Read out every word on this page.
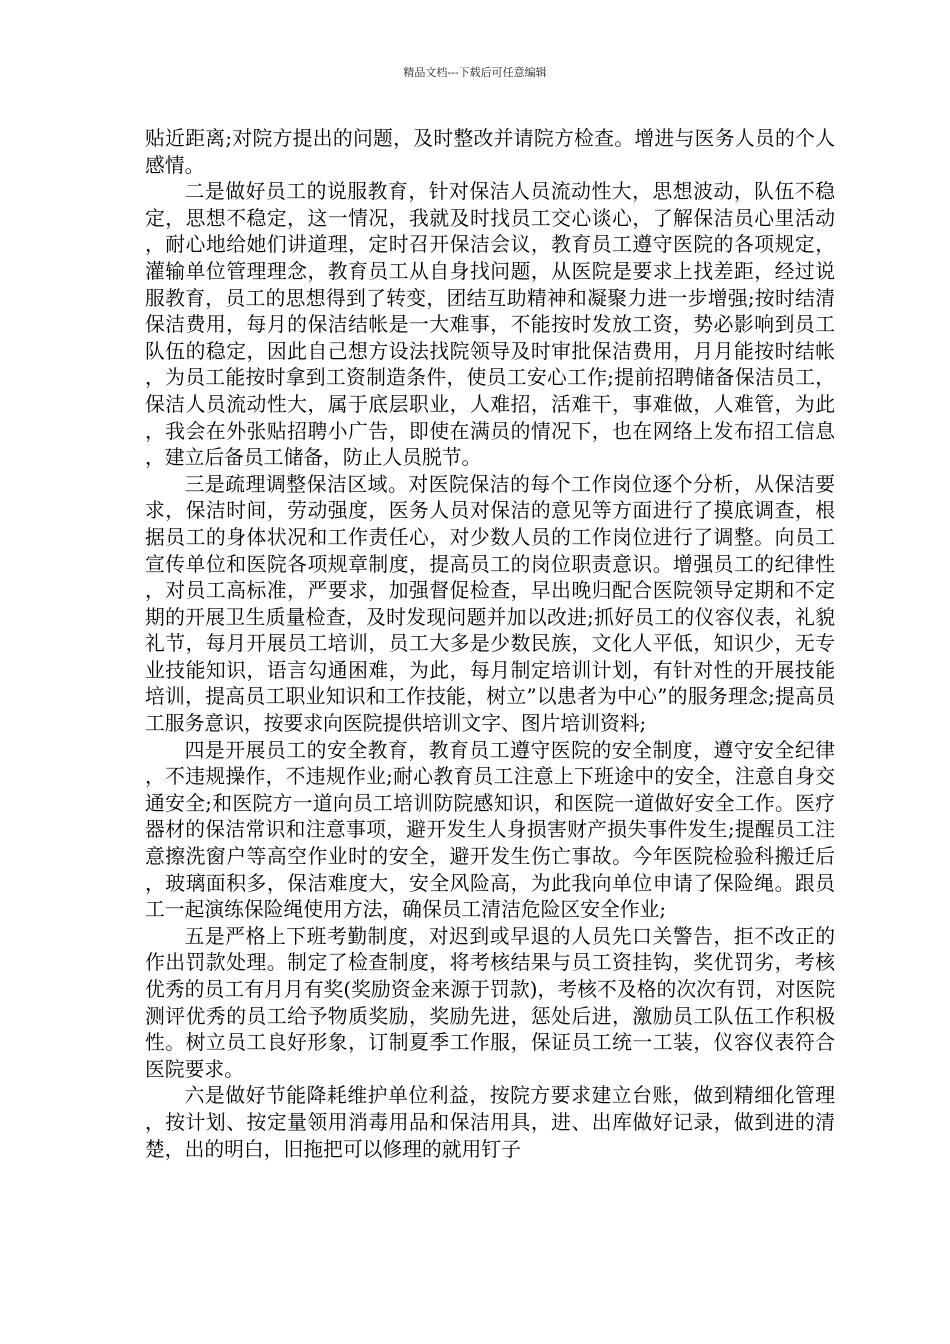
精品文档---下载后可任意编辑

贴近距离;对院方提出的问题，及时整改并请院方检查。增进与医务人员的个人感情。

二是做好员工的说服教育，针对保洁人员流动性大，思想波动，队伍不稳定，思想不稳定，这一情况，我就及时找员工交心谈心，了解保洁员心里活动，耐心地给她们讲道理，定时召开保洁会议，教育员工遵守医院的各项规定，灌输单位管理理念，教育员工从自身找问题，从医院是要求上找差距，经过说服教育，员工的思想得到了转变，团结互助精神和凝聚力进一步增强;按时结清保洁费用，每月的保洁结帐是一大难事，不能按时发放工资，势必影响到员工队伍的稳定，因此自己想方设法找院领导及时审批保洁费用，月月能按时结帐，为员工能按时拿到工资制造条件，使员工安心工作;提前招聘储备保洁员工，保洁人员流动性大，属于底层职业，人难招，活难干，事难做，人难管，为此，我会在外张贴招聘小广告，即使在满员的情况下，也在网络上发布招工信息，建立后备员工储备，防止人员脱节。

三是疏理调整保洁区域。对医院保洁的每个工作岗位逐个分析，从保洁要求，保洁时间，劳动强度，医务人员对保洁的意见等方面进行了摸底调查，根据员工的身体状况和工作责任心，对少数人员的工作岗位进行了调整。向员工宣传单位和医院各项规章制度，提高员工的岗位职责意识。增强员工的纪律性，对员工高标准，严要求，加强督促检查，早出晚归配合医院领导定期和不定期的开展卫生质量检查，及时发现问题并加以改进;抓好员工的仪容仪表，礼貌礼节，每月开展员工培训，员工大多是少数民族，文化人平低，知识少，无专业技能知识，语言勾通困难，为此，每月制定培训计划，有针对性的开展技能培训，提高员工职业知识和工作技能，树立”以患者为中心”的服务理念;提高员工服务意识，按要求向医院提供培训文字、图片培训资料;

四是开展员工的安全教育，教育员工遵守医院的安全制度，遵守安全纪律，不违规操作，不违规作业;耐心教育员工注意上下班途中的安全，注意自身交通安全;和医院方一道向员工培训防院感知识，和医院一道做好安全工作。医疗器材的保洁常识和注意事项，避开发生人身损害财产损失事件发生;提醒员工注意擦洗窗户等高空作业时的安全，避开发生伤亡事故。今年医院检验科搬迁后，玻璃面积多，保洁难度大，安全风险高，为此我向单位申请了保险绳。跟员工一起演练保险绳使用方法，确保员工清洁危险区安全作业;

五是严格上下班考勤制度，对迟到或早退的人员先口关警告，拒不改正的作出罚款处理。制定了检查制度，将考核结果与员工资挂钩，奖优罚劣，考核优秀的员工有月月有奖(奖励资金来源于罚款)，考核不及格的次次有罚，对医院测评优秀的员工给予物质奖励，奖励先进，惩处后进，激励员工队伍工作积极性。树立员工良好形象，订制夏季工作服，保证员工统一工装，仪容仪表符合医院要求。

六是做好节能降耗维护单位利益，按院方要求建立台账，做到精细化管理，按计划、按定量领用消毒用品和保洁用具，进、出库做好记录，做到进的清楚，出的明白，旧拖把可以修理的就用钉子
